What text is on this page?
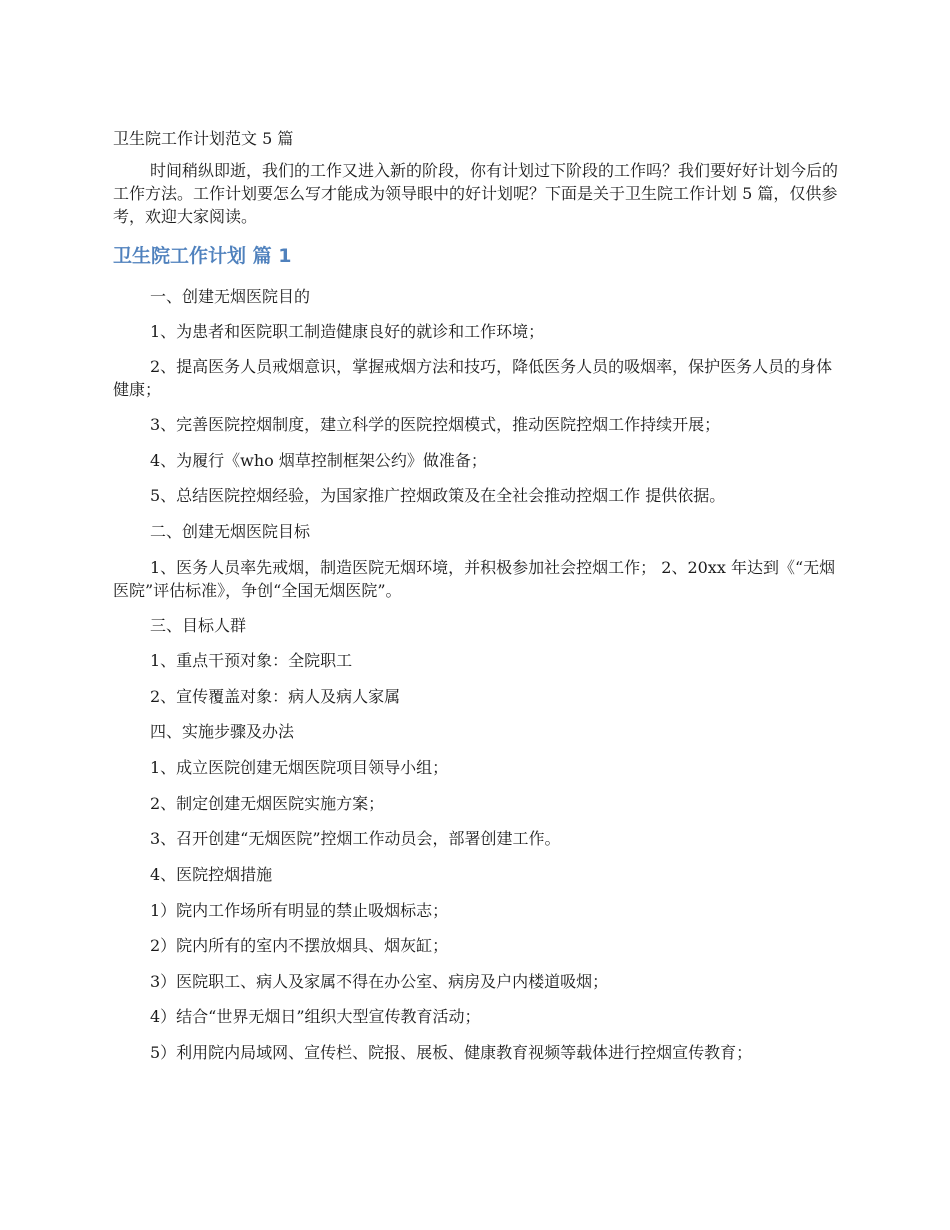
卫生院工作计划范文 5 篇

时间稍纵即逝，我们的工作又进入新的阶段，你有计划过下阶段的工作吗？我们要好好计划今后的工作方法。工作计划要怎么写才能成为领导眼中的好计划呢？下面是关于卫生院工作计划 5 篇，仅供参考，欢迎大家阅读。

卫生院工作计划 篇 1

一、创建无烟医院目的

1、为患者和医院职工制造健康良好的就诊和工作环境；

2、提高医务人员戒烟意识，掌握戒烟方法和技巧，降低医务人员的吸烟率，保护医务人员的身体健康；

3、完善医院控烟制度，建立科学的医院控烟模式，推动医院控烟工作持续开展；

4、为履行《who 烟草控制框架公约》做准备；

5、总结医院控烟经验，为国家推广控烟政策及在全社会推动控烟工作 提供依据。

二、创建无烟医院目标

1、医务人员率先戒烟，制造医院无烟环境，并积极参加社会控烟工作； 2、20xx 年达到《“无烟医院”评估标准》，争创“全国无烟医院”。

三、目标人群

1、重点干预对象：全院职工

2、宣传覆盖对象：病人及病人家属

四、实施步骤及办法

1、成立医院创建无烟医院项目领导小组；

2、制定创建无烟医院实施方案；

3、召开创建“无烟医院”控烟工作动员会，部署创建工作。

4、医院控烟措施

1）院内工作场所有明显的禁止吸烟标志；

2）院内所有的室内不摆放烟具、烟灰缸；

3）医院职工、病人及家属不得在办公室、病房及户内楼道吸烟；

4）结合“世界无烟日”组织大型宣传教育活动；

5）利用院内局域网、宣传栏、院报、展板、健康教育视频等载体进行控烟宣传教育；
